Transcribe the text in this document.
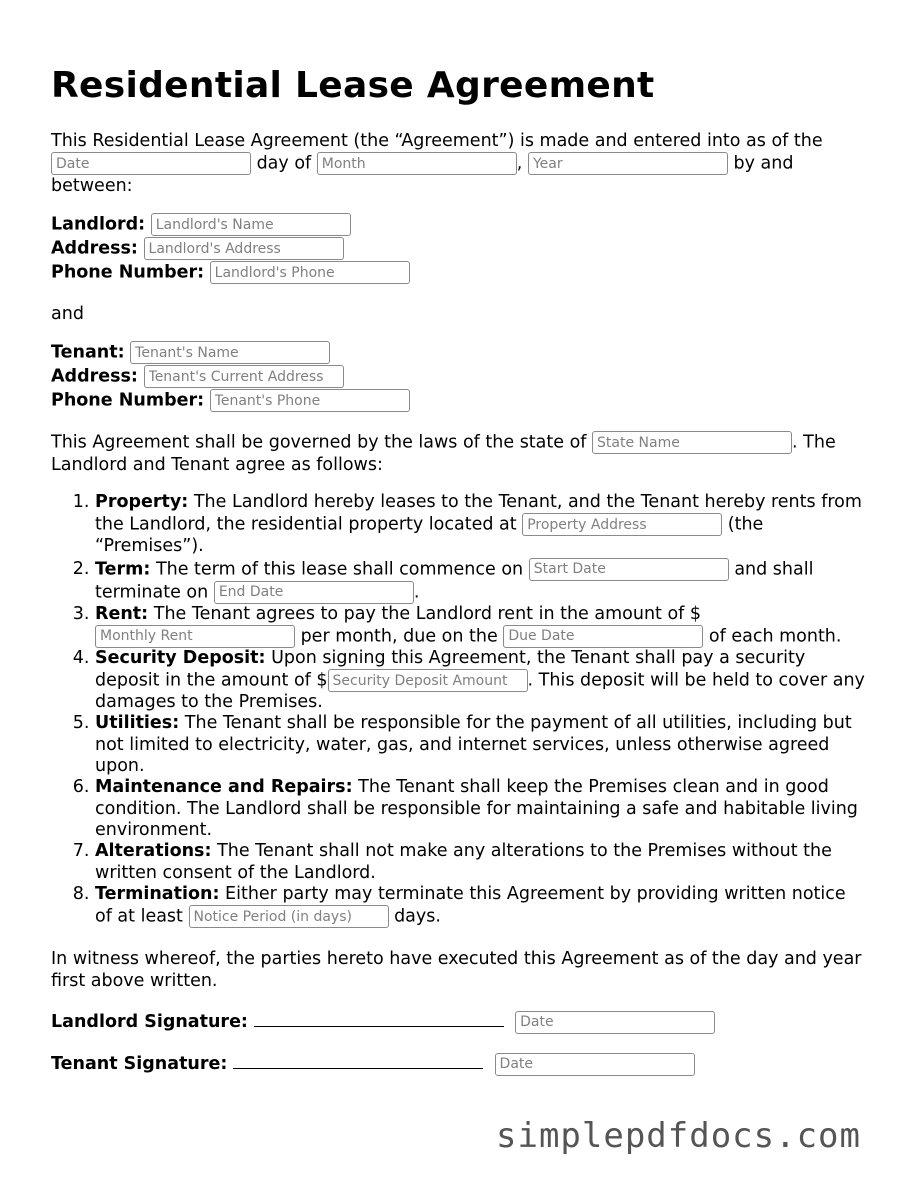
Residential Lease Agreement

This Residential Lease Agreement (the “Agreement”) is made and entered into as of the
Date day of Month	, Year	by and
between:

Landlord: Landlord's Name
Address: Landlord's Address
Phone Number: Landlord's Phone

and

Tenant: Tenant's Name
Address: Tenant's Current Address
Phone Number: Tenant's Phone

This Agreement shall be governed by the laws of the state of State Name	. The Landlord and Tenant agree as follows:

1. Property: The Landlord hereby leases to the Tenant, and the Tenant hereby rents from the Landlord, the residential property located at Property Address	(the “Premises”).
2. Term: The term of this lease shall commence on Start Date	and shall terminate on End Date	.
3. Rent: The Tenant agrees to pay the Landlord rent in the amount of $
Monthly Rent per month, due on the Due Date	of each month.
4. Security Deposit: Upon signing this Agreement, the Tenant shall pay a security deposit in the amount of $Security Deposit Amount	. This deposit will be held to cover any damages to the Premises.
5. Utilities: The Tenant shall be responsible for the payment of all utilities, including but not limited to electricity, water, gas, and internet services, unless otherwise agreed upon.
6. Maintenance and Repairs: The Tenant shall keep the Premises clean and in good condition. The Landlord shall be responsible for maintaining a safe and habitable living environment.
7. Alterations: The Tenant shall not make any alterations to the Premises without the written consent of the Landlord.
8. Termination: Either party may terminate this Agreement by providing written notice of at least Notice Period (in days)	days.

In witness whereof, the parties hereto have executed this Agreement as of the day and year first above written.

Landlord Signature:  Date
Tenant Signature:  Date
simplepdfdocs.com
